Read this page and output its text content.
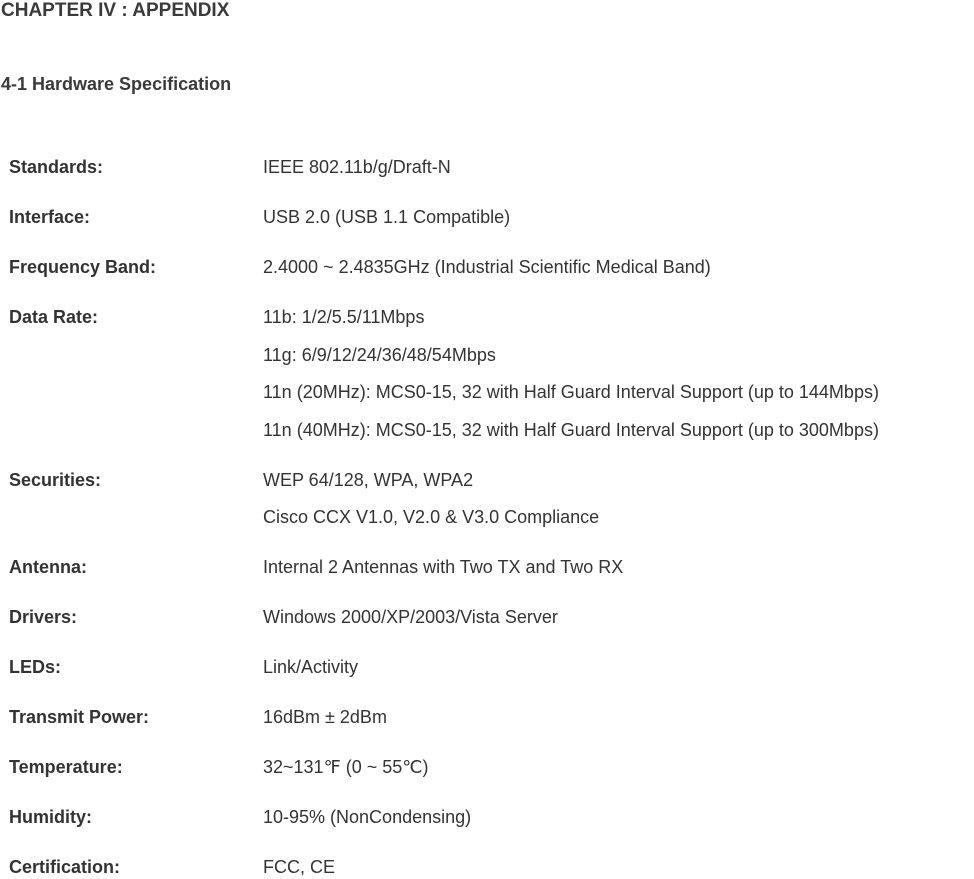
CHAPTER IV : APPENDIX
4-1 Hardware Specification
Standards:	IEEE 802.11b/g/Draft-N
Interface:	USB 2.0 (USB 1.1 Compatible)
Frequency Band:	2.4000 ~ 2.4835GHz (Industrial Scientific Medical Band)
Data Rate:	11b: 1/2/5.5/11Mbps
11g: 6/9/12/24/36/48/54Mbps
11n (20MHz): MCS0-15, 32 with Half Guard Interval Support (up to 144Mbps)
11n (40MHz): MCS0-15, 32 with Half Guard Interval Support (up to 300Mbps)
Securities:	WEP 64/128, WPA, WPA2
Cisco CCX V1.0, V2.0 & V3.0 Compliance
Antenna:	Internal 2 Antennas with Two TX and Two RX
Drivers:	Windows 2000/XP/2003/Vista Server
LEDs:	Link/Activity
Transmit Power:	16dBm ± 2dBm
Temperature:	32~131℉ (0 ~ 55℃)
Humidity:	10-95% (NonCondensing)
Certification:	FCC, CE
